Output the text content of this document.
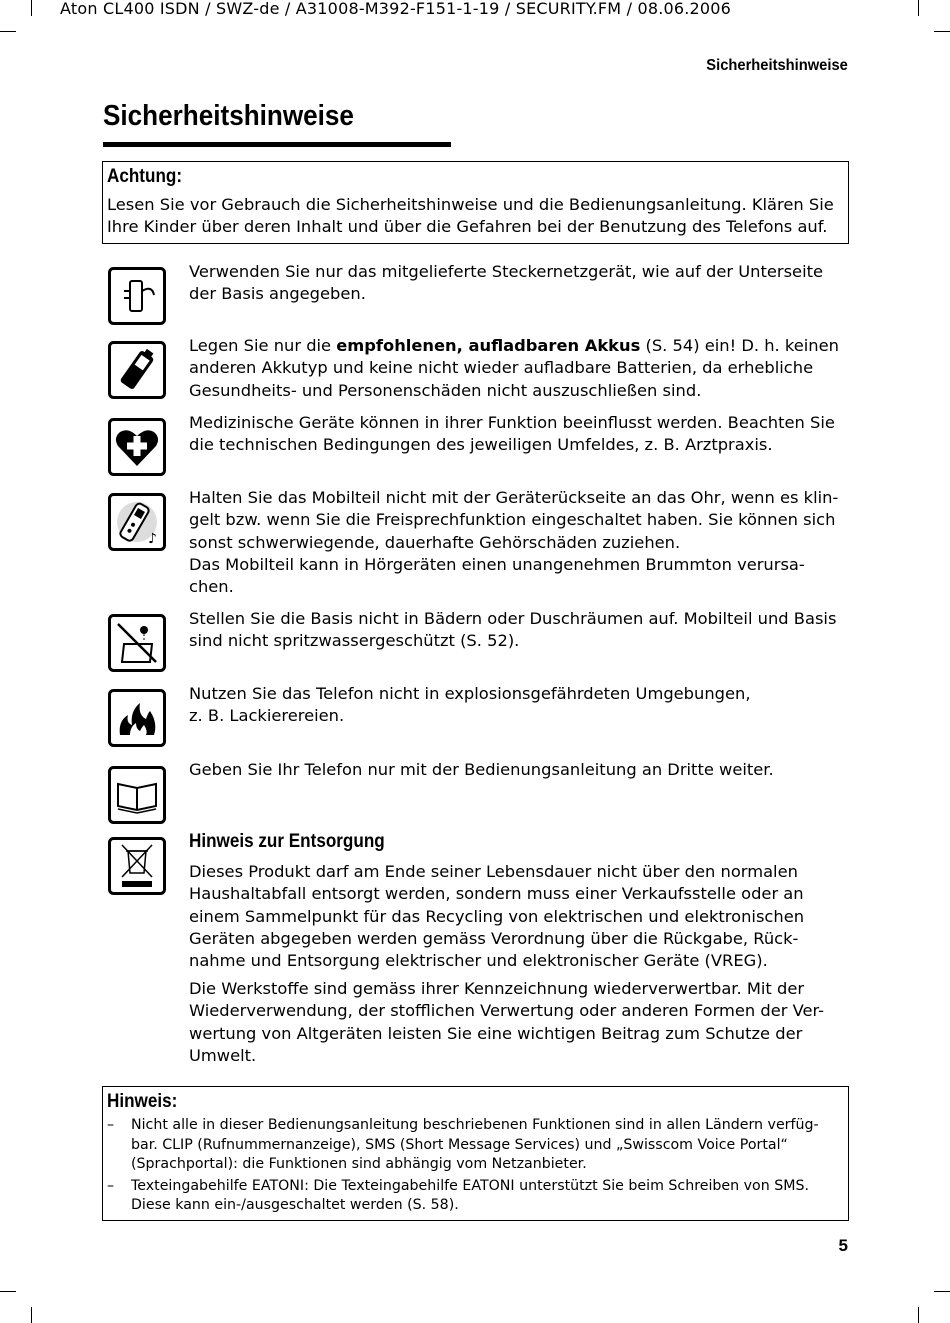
Aton CL400 ISDN / SWZ-de / A31008-M392-F151-1-19 / SECURITY.FM / 08.06.2006
Sicherheitshinweise
Sicherheitshinweise
Achtung:

Lesen Sie vor Gebrauch die Sicherheitshinweise und die Bedienungsanleitung. Klären Sie

Ihre Kinder über deren Inhalt und über die Gefahren bei der Benutzung des Telefons auf.

♪

Verwenden Sie nur das mitgelieferte Steckernetzgerät, wie auf der Unterseite

der Basis angegeben.

Legen Sie nur die empfohlenen, aufladbaren Akkus (S. 54) ein! D. h. keinen

anderen Akkutyp und keine nicht wieder aufladbare Batterien, da erhebliche

Gesundheits- und Personenschäden nicht auszuschließen sind.

Medizinische Geräte können in ihrer Funktion beeinflusst werden. Beachten Sie

die technischen Bedingungen des jeweiligen Umfeldes, z. B. Arztpraxis.

Halten Sie das Mobilteil nicht mit der Geräterückseite an das Ohr, wenn es klin-

gelt bzw. wenn Sie die Freisprechfunktion eingeschaltet haben. Sie können sich

sonst schwerwiegende, dauerhafte Gehörschäden zuziehen.

Das Mobilteil kann in Hörgeräten einen unangenehmen Brummton verursa-

chen.

Stellen Sie die Basis nicht in Bädern oder Duschräumen auf. Mobilteil und Basis

sind nicht spritzwassergeschützt (S. 52).

Nutzen Sie das Telefon nicht in explosionsgefährdeten Umgebungen,

z. B. Lackierereien.

Geben Sie Ihr Telefon nur mit der Bedienungsanleitung an Dritte weiter.

Hinweis zur Entsorgung

Dieses Produkt darf am Ende seiner Lebensdauer nicht über den normalen

Haushaltabfall entsorgt werden, sondern muss einer Verkaufsstelle oder an

einem Sammelpunkt für das Recycling von elektrischen und elektronischen

Geräten abgegeben werden gemäss Verordnung über die Rückgabe, Rück-

nahme und Entsorgung elektrischer und elektronischer Geräte (VREG).

Die Werkstoffe sind gemäss ihrer Kennzeichnung wiederverwertbar. Mit der

Wiederverwendung, der stofflichen Verwertung oder anderen Formen der Ver-

wertung von Altgeräten leisten Sie eine wichtigen Beitrag zum Schutze der

Umwelt.

Hinweis:
– Nicht alle in dieser Bedienungsanleitung beschriebenen Funktionen sind in allen Ländern verfüg-

bar. CLIP (Rufnummernanzeige), SMS (Short Message Services) und „Swisscom Voice Portal“

(Sprachportal): die Funktionen sind abhängig vom Netzanbieter.

– Texteingabehilfe EATONI: Die Texteingabehilfe EATONI unterstützt Sie beim Schreiben von SMS.

Diese kann ein-/ausgeschaltet werden (S. 58).

5
